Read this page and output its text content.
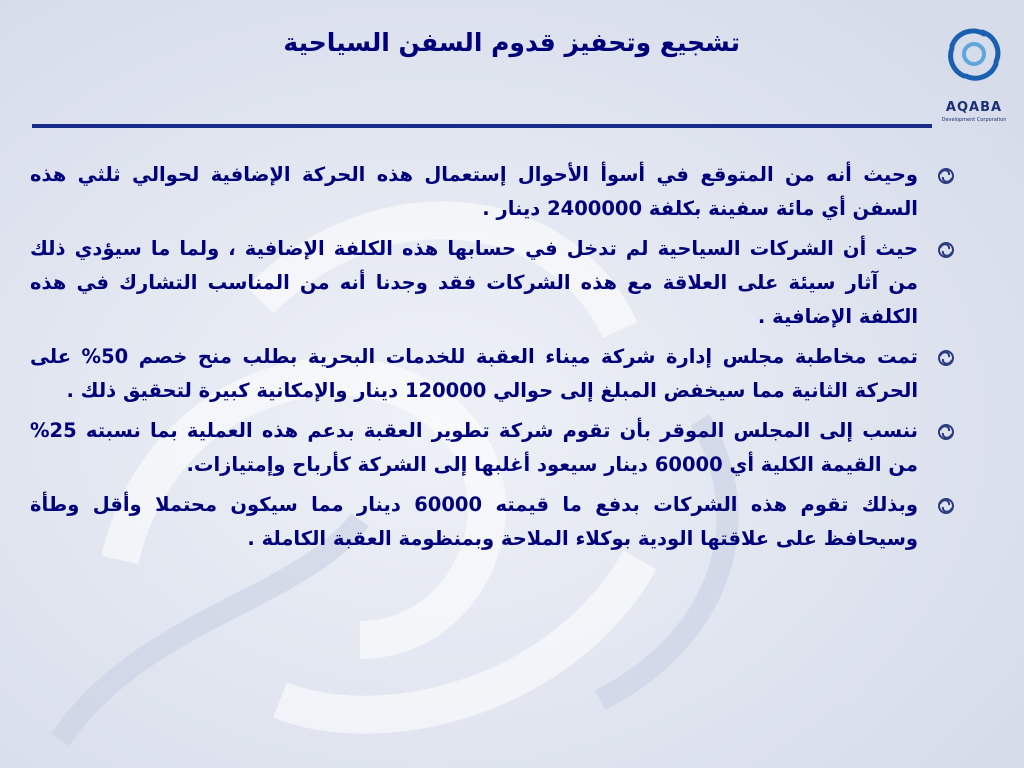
تشجيع وتحفيز قدوم السفن السياحية
AQABA
Development Corporation
وحيث أنه من المتوقع في أسوأ الأحوال إستعمال هذه الحركة الإضافية لحوالي ثلثي هذه السفن أي مائة سفينة بكلفة 2400000 دينار .
حيث أن الشركات السياحية لم تدخل في حسابها هذه الكلفة الإضافية ، ولما ما سيؤدي ذلك من آثار سيئة على العلاقة مع هذه الشركات فقد وجدنا أنه من المناسب التشارك في هذه الكلفة الإضافية .
تمت مخاطبة مجلس إدارة شركة ميناء العقبة للخدمات البحرية بطلب منح خصم 50% على الحركة الثانية مما سيخفض المبلغ إلى حوالي 120000 دينار والإمكانية كبيرة لتحقيق ذلك .
ننسب إلى المجلس الموقر بأن تقوم شركة تطوير العقبة بدعم هذه العملية بما نسبته 25% من القيمة الكلية أي 60000 دينار سيعود أغلبها إلى الشركة كأرباح وإمتيازات.
وبذلك تقوم هذه الشركات بدفع ما قيمته 60000 دينار مما سيكون محتملا وأقل وطأة وسيحافظ على علاقتها الودية بوكلاء الملاحة وبمنظومة العقبة الكاملة .
